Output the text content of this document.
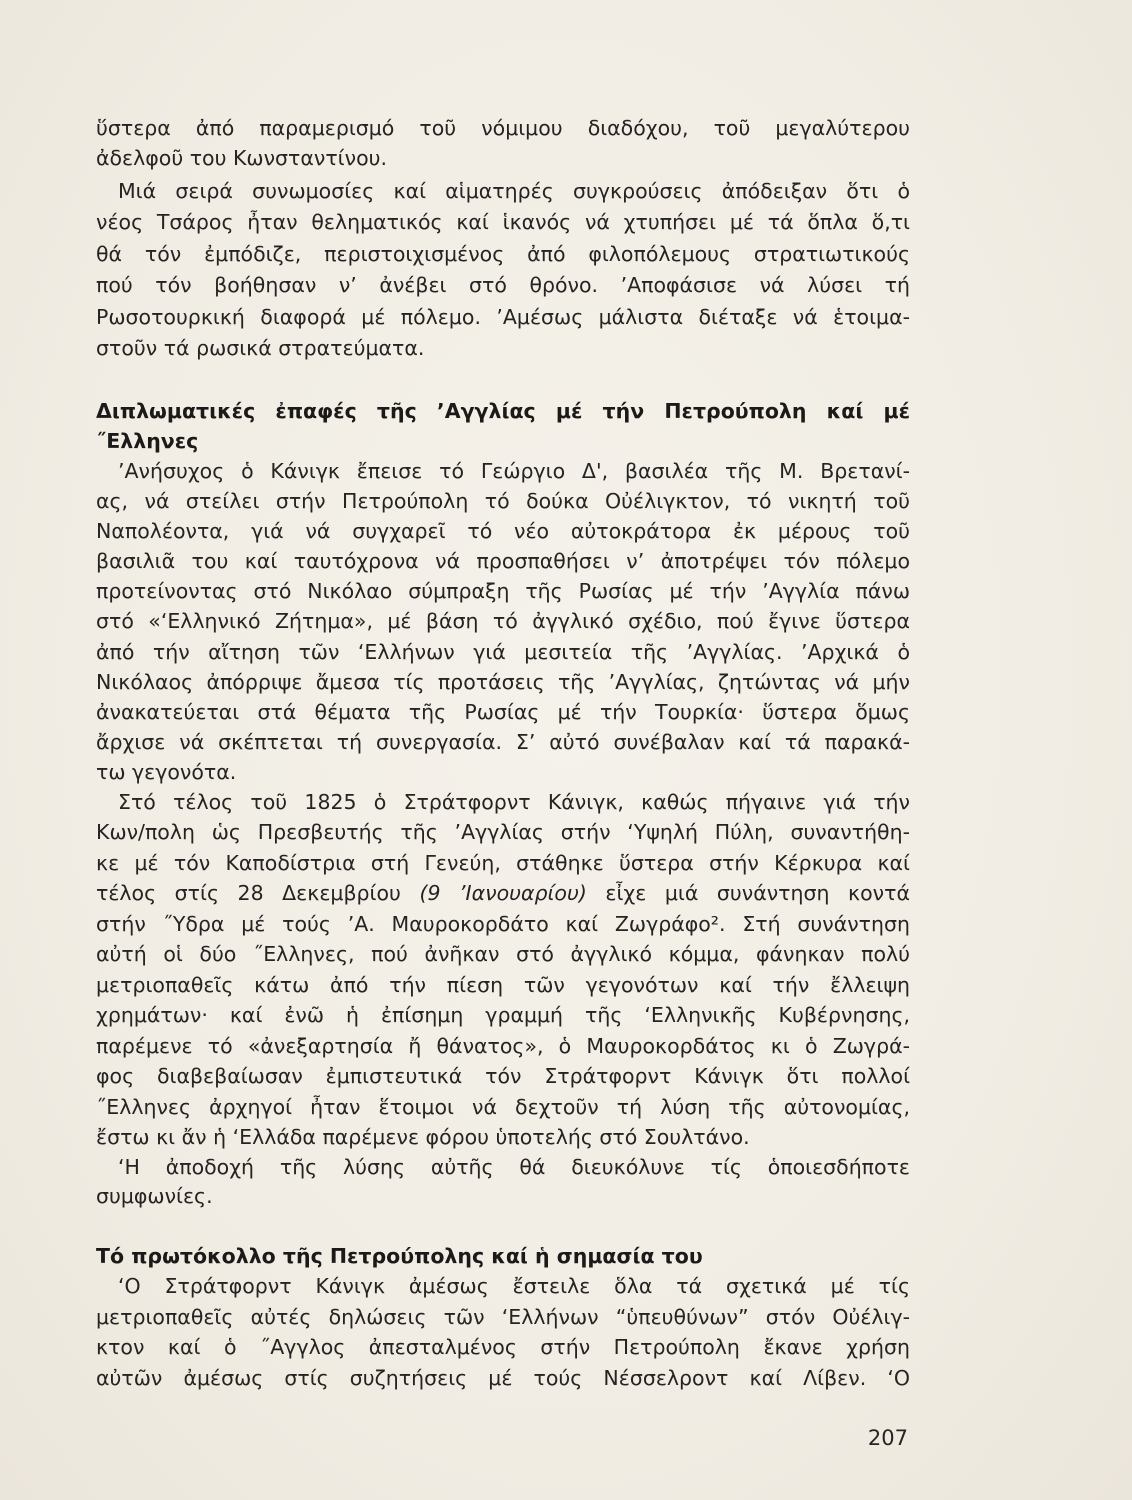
ὕστερα ἀπό παραμερισμό τοῦ νόμιμου διαδόχου, τοῦ μεγαλύτερου
ἀδελφοῦ του Κωνσταντίνου.
Μιά σειρά συνωμοσίες καί αἱματηρές συγκρούσεις ἀπόδειξαν ὅτι ὁ
νέος Τσάρος ἦταν θεληματικός καί ἱκανός νά χτυπήσει μέ τά ὅπλα ὅ,τι
θά τόν ἐμπόδιζε, περιστοιχισμένος ἀπό φιλοπόλεμους στρατιωτικούς
πού τόν βοήθησαν ν’ ἀνέβει στό θρόνο. ’Αποφάσισε νά λύσει τή
Ρωσοτουρκική διαφορά μέ πόλεμο. ’Αμέσως μάλιστα διέταξε νά ἑτοιμα-
στοῦν τά ρωσικά στρατεύματα.
Διπλωματικές ἐπαφές τῆς ’Αγγλίας μέ τήν Πετρούπολη καί μέ
˝Ελληνες
’Ανήσυχος ὁ Κάνιγκ ἔπεισε τό Γεώργιο Δ', βασιλέα τῆς Μ. Βρετανί-
ας, νά στείλει στήν Πετρούπολη τό δούκα Οὐέλιγκτον, τό νικητή τοῦ
Ναπολέοντα, γιά νά συγχαρεῖ τό νέο αὐτοκράτορα ἐκ μέρους τοῦ
βασιλιᾶ του καί ταυτόχρονα νά προσπαθήσει ν’ ἀποτρέψει τόν πόλεμο
προτείνοντας στό Νικόλαο σύμπραξη τῆς Ρωσίας μέ τήν ’Αγγλία πάνω
στό «‘Ελληνικό Ζήτημα», μέ βάση τό ἀγγλικό σχέδιο, πού ἔγινε ὕστερα
ἀπό τήν αἴτηση τῶν ‘Ελλήνων γιά μεσιτεία τῆς ’Αγγλίας. ’Αρχικά ὁ
Νικόλαος ἀπόρριψε ἄμεσα τίς προτάσεις τῆς ’Αγγλίας, ζητώντας νά μήν
ἀνακατεύεται στά θέματα τῆς Ρωσίας μέ τήν Τουρκία· ὕστερα ὅμως
ἄρχισε νά σκέπτεται τή συνεργασία. Σ’ αὐτό συνέβαλαν καί τά παρακά-
τω γεγονότα.
Στό τέλος τοῦ 1825 ὁ Στράτφορντ Κάνιγκ, καθώς πήγαινε γιά τήν
Κων/πολη ὡς Πρεσβευτής τῆς ’Αγγλίας στήν ‘Υψηλή Πύλη, συναντήθη-
κε μέ τόν Καποδίστρια στή Γενεύη, στάθηκε ὕστερα στήν Κέρκυρα καί
τέλος στίς 28 Δεκεμβρίου (9 ’Ιανουαρίου) εἶχε μιά συνάντηση κοντά
στήν ˝Υδρα μέ τούς ’Α. Μαυροκορδάτο καί Ζωγράφο². Στή συνάντηση
αὐτή οἱ δύο ˝Ελληνες, πού ἀνῆκαν στό ἀγγλικό κόμμα, φάνηκαν πολύ
μετριοπαθεῖς κάτω ἀπό τήν πίεση τῶν γεγονότων καί τήν ἔλλειψη
χρημάτων· καί ἐνῶ ἡ ἐπίσημη γραμμή τῆς ‘Ελληνικῆς Κυβέρνησης,
παρέμενε τό «ἀνεξαρτησία ἤ θάνατος», ὁ Μαυροκορδάτος κι ὁ Ζωγρά-
φος διαβεβαίωσαν ἐμπιστευτικά τόν Στράτφορντ Κάνιγκ ὅτι πολλοί
˝Ελληνες ἀρχηγοί ἦταν ἕτοιμοι νά δεχτοῦν τή λύση τῆς αὐτονομίας,
ἔστω κι ἄν ἡ ‘Ελλάδα παρέμενε φόρου ὑποτελής στό Σουλτάνο.
‘Η ἀποδοχή τῆς λύσης αὐτῆς θά διευκόλυνε τίς ὁποιεσδήποτε
συμφωνίες.
Τό πρωτόκολλο τῆς Πετρούπολης καί ἡ σημασία του
‘Ο Στράτφορντ Κάνιγκ ἀμέσως ἔστειλε ὅλα τά σχετικά μέ τίς
μετριοπαθεῖς αὐτές δηλώσεις τῶν ‘Ελλήνων “ὑπευθύνων” στόν Οὐέλιγ-
κτον καί ὁ ˝Αγγλος ἀπεσταλμένος στήν Πετρούπολη ἔκανε χρήση
αὐτῶν ἀμέσως στίς συζητήσεις μέ τούς Νέσσελροντ καί Λίβεν. ‘Ο
207
